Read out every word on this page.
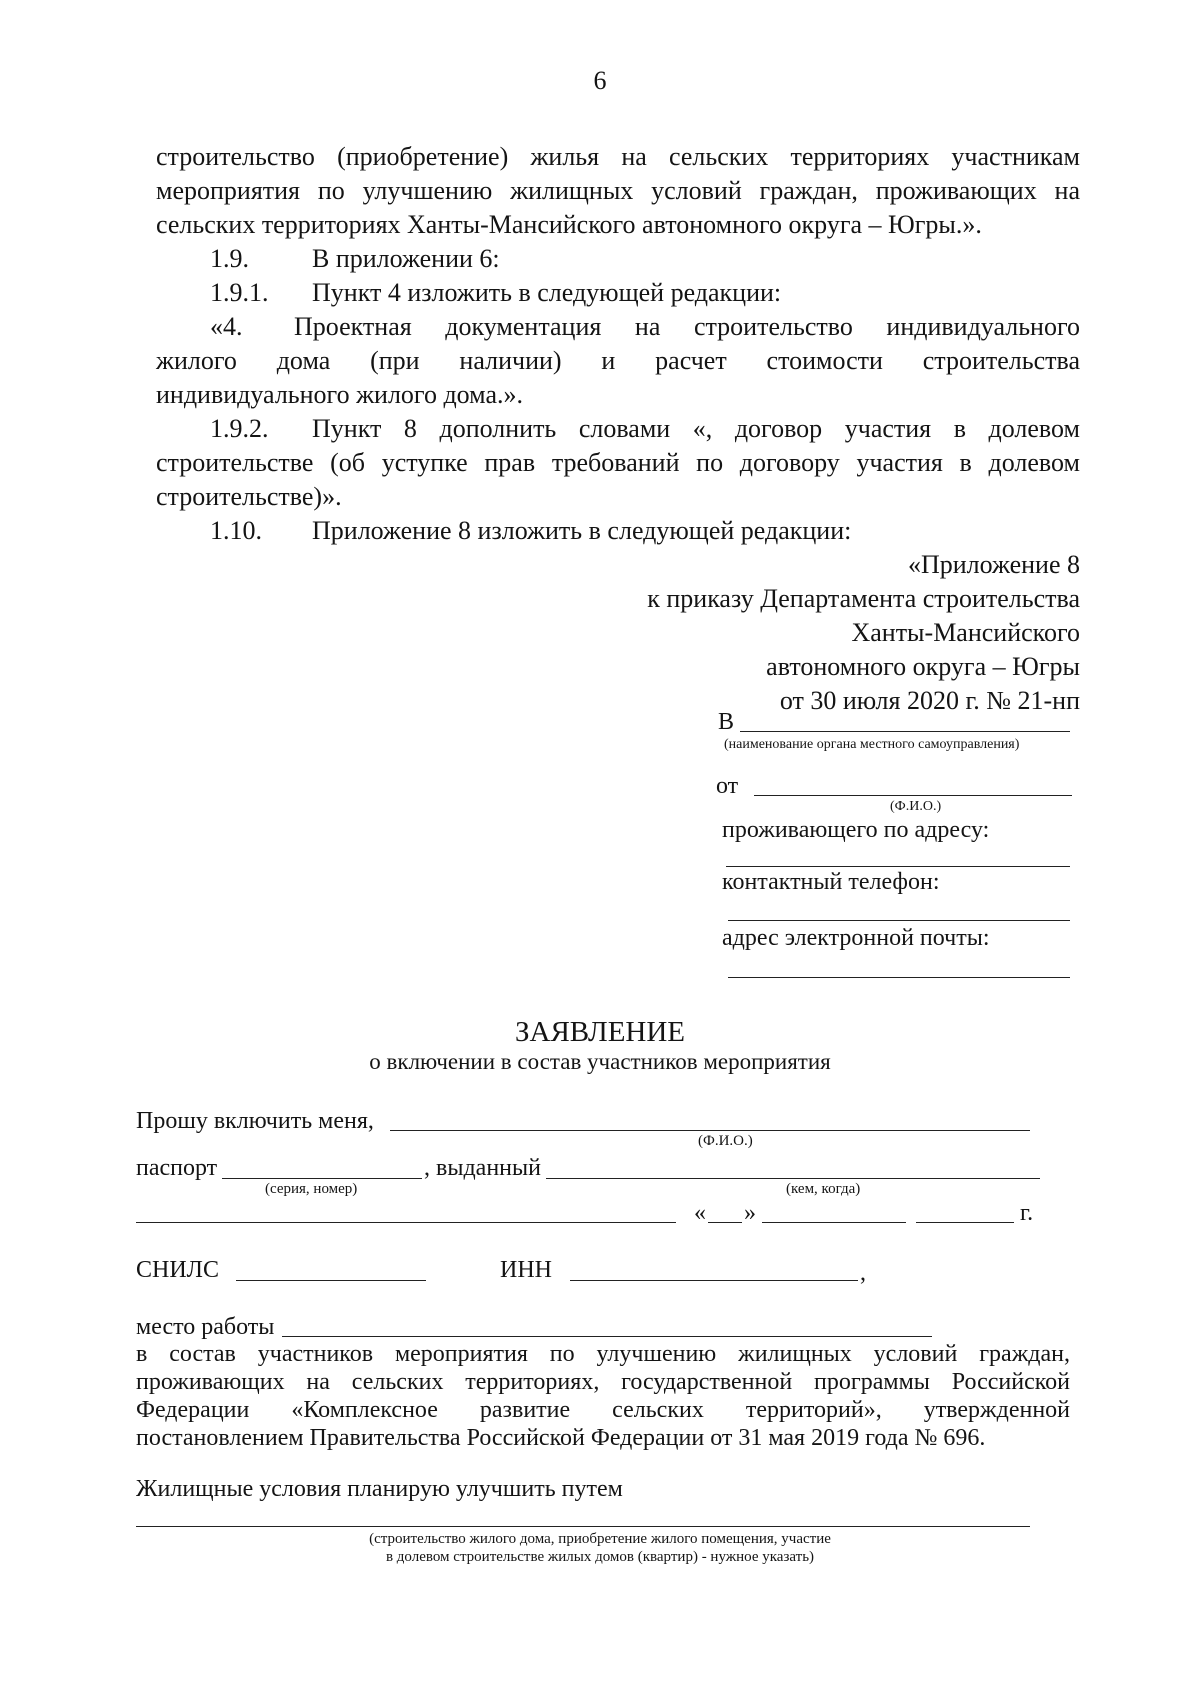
6
строительство (приобретение) жилья на сельских территориях участникам
мероприятия по улучшению жилищных условий граждан, проживающих на
сельских территориях Ханты-Мансийского автономного округа – Югры.».
1.9. В приложении 6:
1.9.1. Пункт 4 изложить в следующей редакции:
«4. Проектная документация на строительство индивидуального
жилого дома (при наличии) и расчет стоимости строительства
индивидуального жилого дома.».
1.9.2. Пункт 8 дополнить словами «, договор участия в долевом
строительстве (об уступке прав требований по договору участия в долевом
строительстве)».
1.10. Приложение 8 изложить в следующей редакции:
«Приложение 8
к приказу Департамента строительства
Ханты-Мансийского
автономного округа – Югры
от 30 июля 2020 г. № 21-нп
В
(наименование органа местного самоуправления)
от
(Ф.И.О.)
проживающего по адресу:
контактный телефон:
адрес электронной почты:
ЗАЯВЛЕНИЕ
о включении в состав участников мероприятия
Прошу включить меня,
(Ф.И.О.)
паспорт	, выданный
(серия, номер)	(кем, когда)
« »	г.
СНИЛС	ИНН	,
место работы
в состав участников мероприятия по улучшению жилищных условий граждан,
проживающих на сельских территориях, государственной программы Российской
Федерации «Комплексное развитие сельских территорий», утвержденной
постановлением Правительства Российской Федерации от 31 мая 2019 года № 696.
Жилищные условия планирую улучшить путем
(строительство жилого дома, приобретение жилого помещения, участие
в долевом строительстве жилых домов (квартир) - нужное указать)
